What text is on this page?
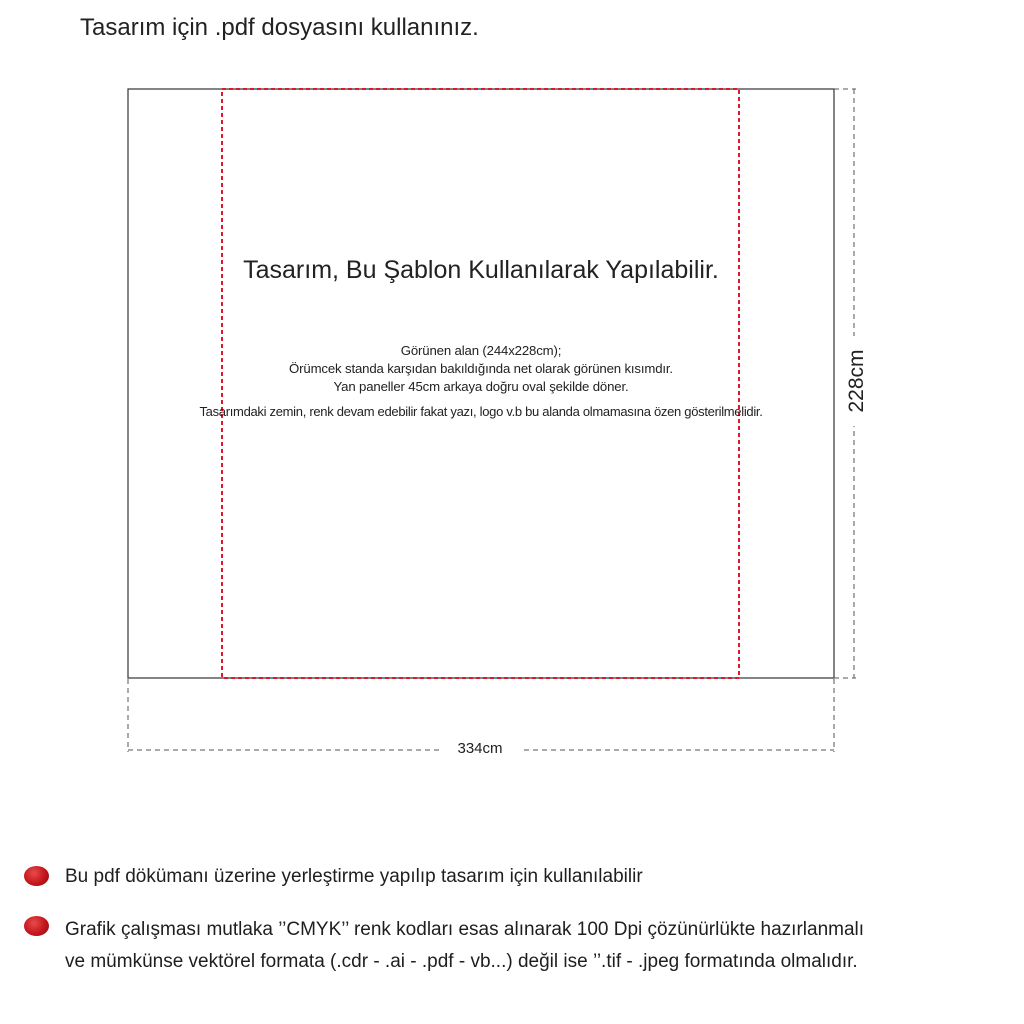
Tasarım için .pdf dosyasını kullanınız.
Tasarım, Bu Şablon Kullanılarak Yapılabilir.
Görünen alan (244x228cm);
Örümcek standa karşıdan bakıldığında net olarak görünen kısımdır.
Yan paneller 45cm arkaya doğru oval şekilde döner.
Tasarımdaki zemin, renk devam edebilir fakat yazı, logo v.b bu alanda olmamasına özen gösterilmelidir.
334cm
228cm
Bu pdf dökümanı üzerine yerleştirme yapılıp tasarım için kullanılabilir
Grafik çalışması mutlaka ’’CMYK’’ renk kodları esas alınarak 100 Dpi çözünürlükte hazırlanmalı
ve mümkünse vektörel formata (.cdr - .ai - .pdf - vb...) değil ise ’’.tif - .jpeg formatında olmalıdır.
